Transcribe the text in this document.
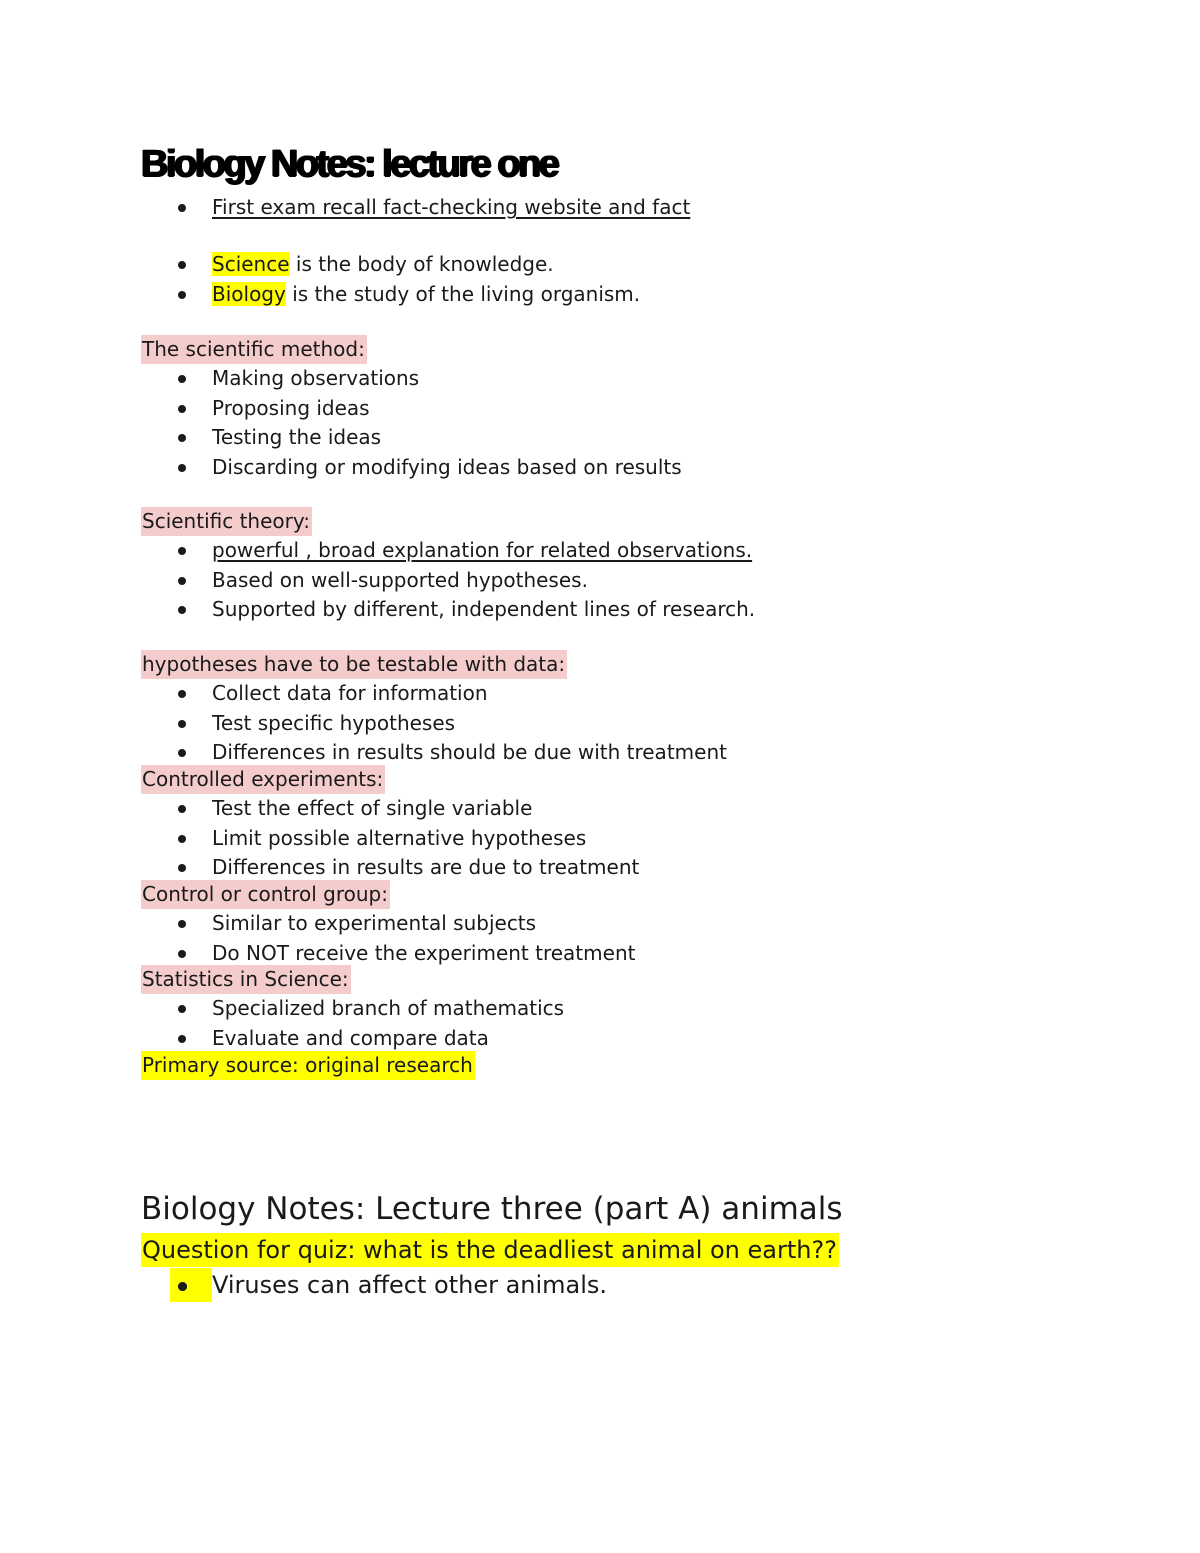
Biology Notes: lecture one
First exam recall fact-checking website and fact
Science is the body of knowledge.
Biology is the study of the living organism.
The scientific method:
Making observations
Proposing ideas
Testing the ideas
Discarding or modifying ideas based on results
Scientific theory:
powerful , broad explanation for related observations.
Based on well-supported hypotheses.
Supported by different, independent lines of research.
hypotheses have to be testable with data:
Collect data for information
Test specific hypotheses
Differences in results should be due with treatment
Controlled experiments:
Test the effect of single variable
Limit possible alternative hypotheses
Differences in results are due to treatment
Control or control group:
Similar to experimental subjects
Do NOT receive the experiment treatment
Statistics in Science:
Specialized branch of mathematics
Evaluate and compare data
Primary source: original research
Biology Notes: Lecture three (part A) animals
Question for quiz: what is the deadliest animal on earth??
Viruses can affect other animals.
